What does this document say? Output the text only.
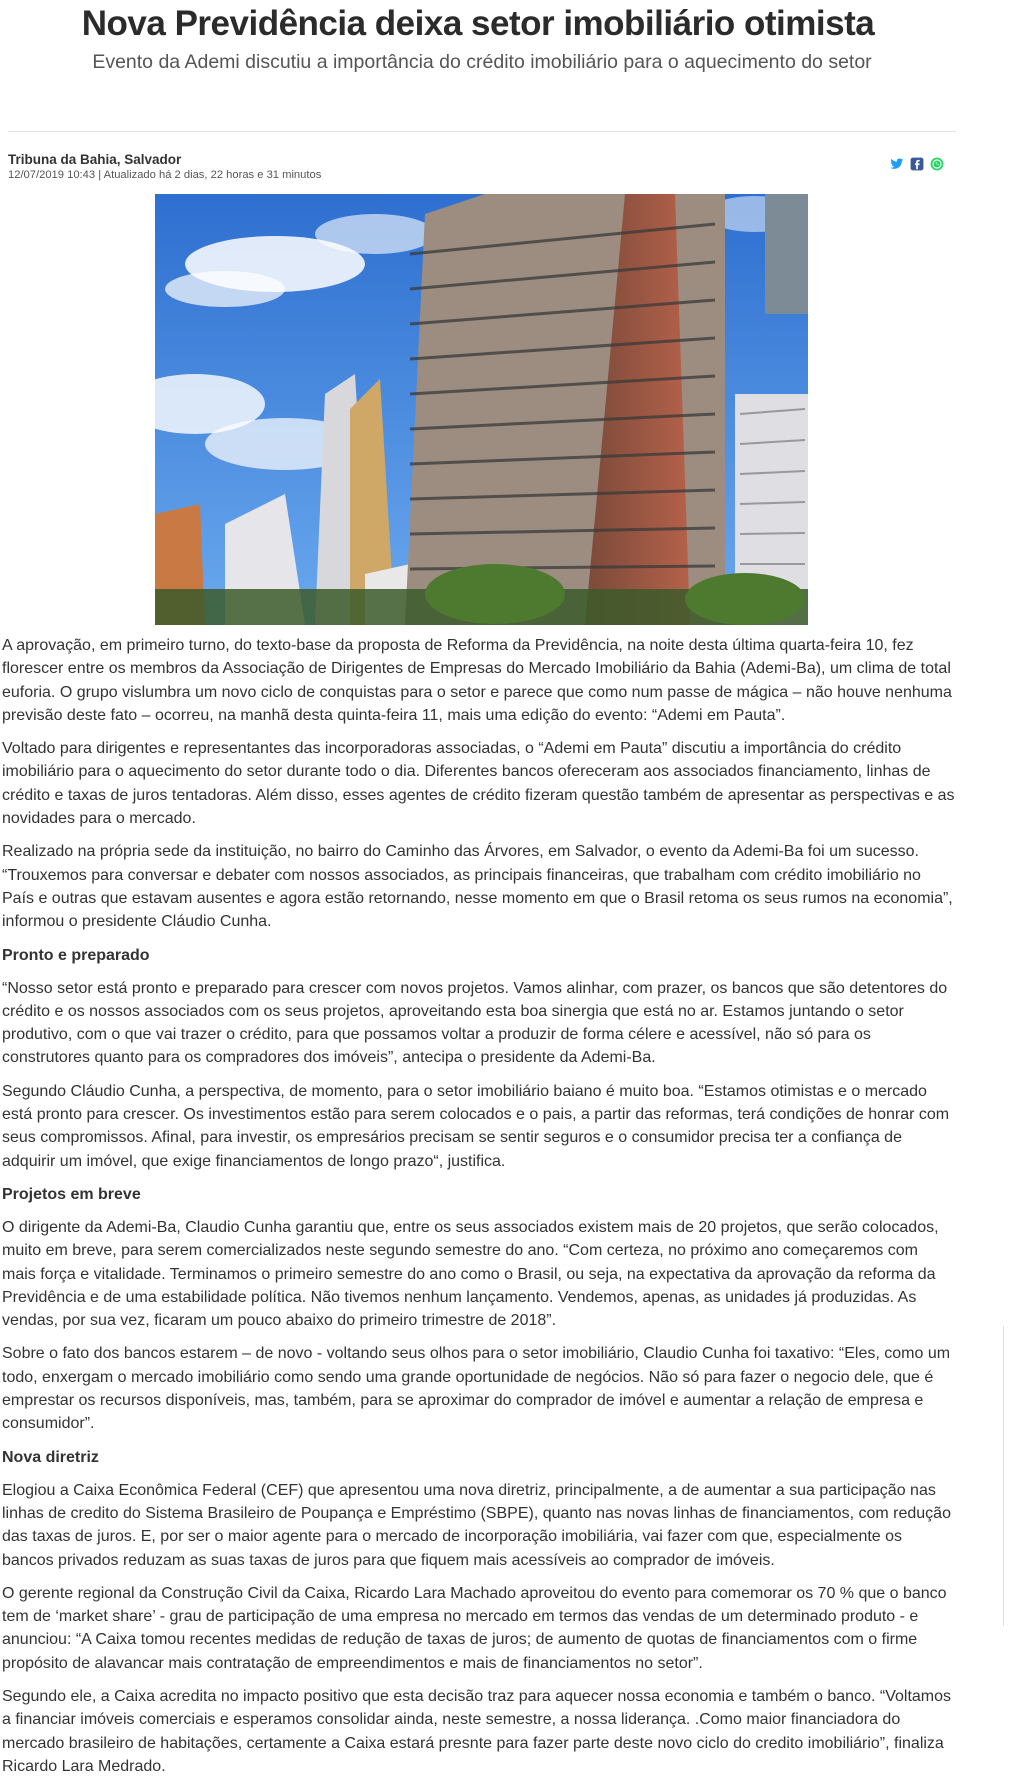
Nova Previdência deixa setor imobiliário otimista
Evento da Ademi discutiu a importância do crédito imobiliário para o aquecimento do setor
Tribuna da Bahia, Salvador
12/07/2019 10:43 | Atualizado há 2 dias, 22 horas e 31 minutos

A aprovação, em primeiro turno, do texto-base da proposta de Reforma da Previdência, na noite desta última quarta-feira 10, fez florescer entre os membros da Associação de Dirigentes de Empresas do Mercado Imobiliário da Bahia (Ademi-Ba), um clima de total euforia. O grupo vislumbra um novo ciclo de conquistas para o setor e parece que como num passe de mágica – não houve nenhuma previsão deste fato – ocorreu, na manhã desta quinta-feira 11, mais uma edição do evento: “Ademi em Pauta”.

Voltado para dirigentes e representantes das incorporadoras associadas, o “Ademi em Pauta” discutiu a importância do crédito imobiliário para o aquecimento do setor durante todo o dia. Diferentes bancos ofereceram aos associados financiamento, linhas de crédito e taxas de juros tentadoras. Além disso, esses agentes de crédito fizeram questão também de apresentar as perspectivas e as novidades para o mercado.

Realizado na própria sede da instituição, no bairro do Caminho das Árvores, em Salvador, o evento da Ademi-Ba foi um sucesso. “Trouxemos para conversar e debater com nossos associados, as principais financeiras, que trabalham com crédito imobiliário no País e outras que estavam ausentes e agora estão retornando, nesse momento em que o Brasil retoma os seus rumos na economia”, informou o presidente Cláudio Cunha.

Pronto e preparado

“Nosso setor está pronto e preparado para crescer com novos projetos. Vamos alinhar, com prazer, os bancos que são detentores do crédito e os nossos associados com os seus projetos, aproveitando esta boa sinergia que está no ar. Estamos juntando o setor produtivo, com o que vai trazer o crédito, para que possamos voltar a produzir de forma célere e acessível, não só para os construtores quanto para os compradores dos imóveis”, antecipa o presidente da Ademi-Ba.

Segundo Cláudio Cunha, a perspectiva, de momento, para o setor imobiliário baiano é muito boa. “Estamos otimistas e o mercado está pronto para crescer. Os investimentos estão para serem colocados e o pais, a partir das reformas, terá condições de honrar com seus compromissos. Afinal, para investir, os empresários precisam se sentir seguros e o consumidor precisa ter a confiança de adquirir um imóvel, que exige financiamentos de longo prazo“, justifica.

Projetos em breve

O dirigente da Ademi-Ba, Claudio Cunha garantiu que, entre os seus associados existem mais de 20 projetos, que serão colocados, muito em breve, para serem comercializados neste segundo semestre do ano. “Com certeza, no próximo ano começaremos com mais força e vitalidade. Terminamos o primeiro semestre do ano como o Brasil, ou seja, na expectativa da aprovação da reforma da Previdência e de uma estabilidade política. Não tivemos nenhum lançamento. Vendemos, apenas, as unidades já produzidas. As vendas, por sua vez, ficaram um pouco abaixo do primeiro trimestre de 2018”.

Sobre o fato dos bancos estarem – de novo - voltando seus olhos para o setor imobiliário, Claudio Cunha foi taxativo: “Eles, como um todo, enxergam o mercado imobiliário como sendo uma grande oportunidade de negócios. Não só para fazer o negocio dele, que é emprestar os recursos disponíveis, mas, também, para se aproximar do comprador de imóvel e aumentar a relação de empresa e consumidor”.

Nova diretriz

Elogiou a Caixa Econômica Federal (CEF) que apresentou uma nova diretriz, principalmente, a de aumentar a sua participação nas linhas de credito do Sistema Brasileiro de Poupança e Empréstimo (SBPE), quanto nas novas linhas de financiamentos, com redução das taxas de juros. E, por ser o maior agente para o mercado de incorporação imobiliária, vai fazer com que, especialmente os bancos privados reduzam as suas taxas de juros para que fiquem mais acessíveis ao comprador de imóveis.

O gerente regional da Construção Civil da Caixa, Ricardo Lara Machado aproveitou do evento para comemorar os 70 % que o banco tem de ‘market share’ - grau de participação de uma empresa no mercado em termos das vendas de um determinado produto - e anunciou: “A Caixa tomou recentes medidas de redução de taxas de juros; de aumento de quotas de financiamentos com o firme propósito de alavancar mais contratação de empreendimentos e mais de financiamentos no setor”.

Segundo ele, a Caixa acredita no impacto positivo que esta decisão traz para aquecer nossa economia e também o banco. “Voltamos a financiar imóveis comerciais e esperamos consolidar ainda, neste semestre, a nossa liderança. .Como maior financiadora do mercado brasileiro de habitações, certamente a Caixa estará presnte para fazer parte deste novo ciclo do credito imobiliário”, finaliza Ricardo Lara Medrado.
